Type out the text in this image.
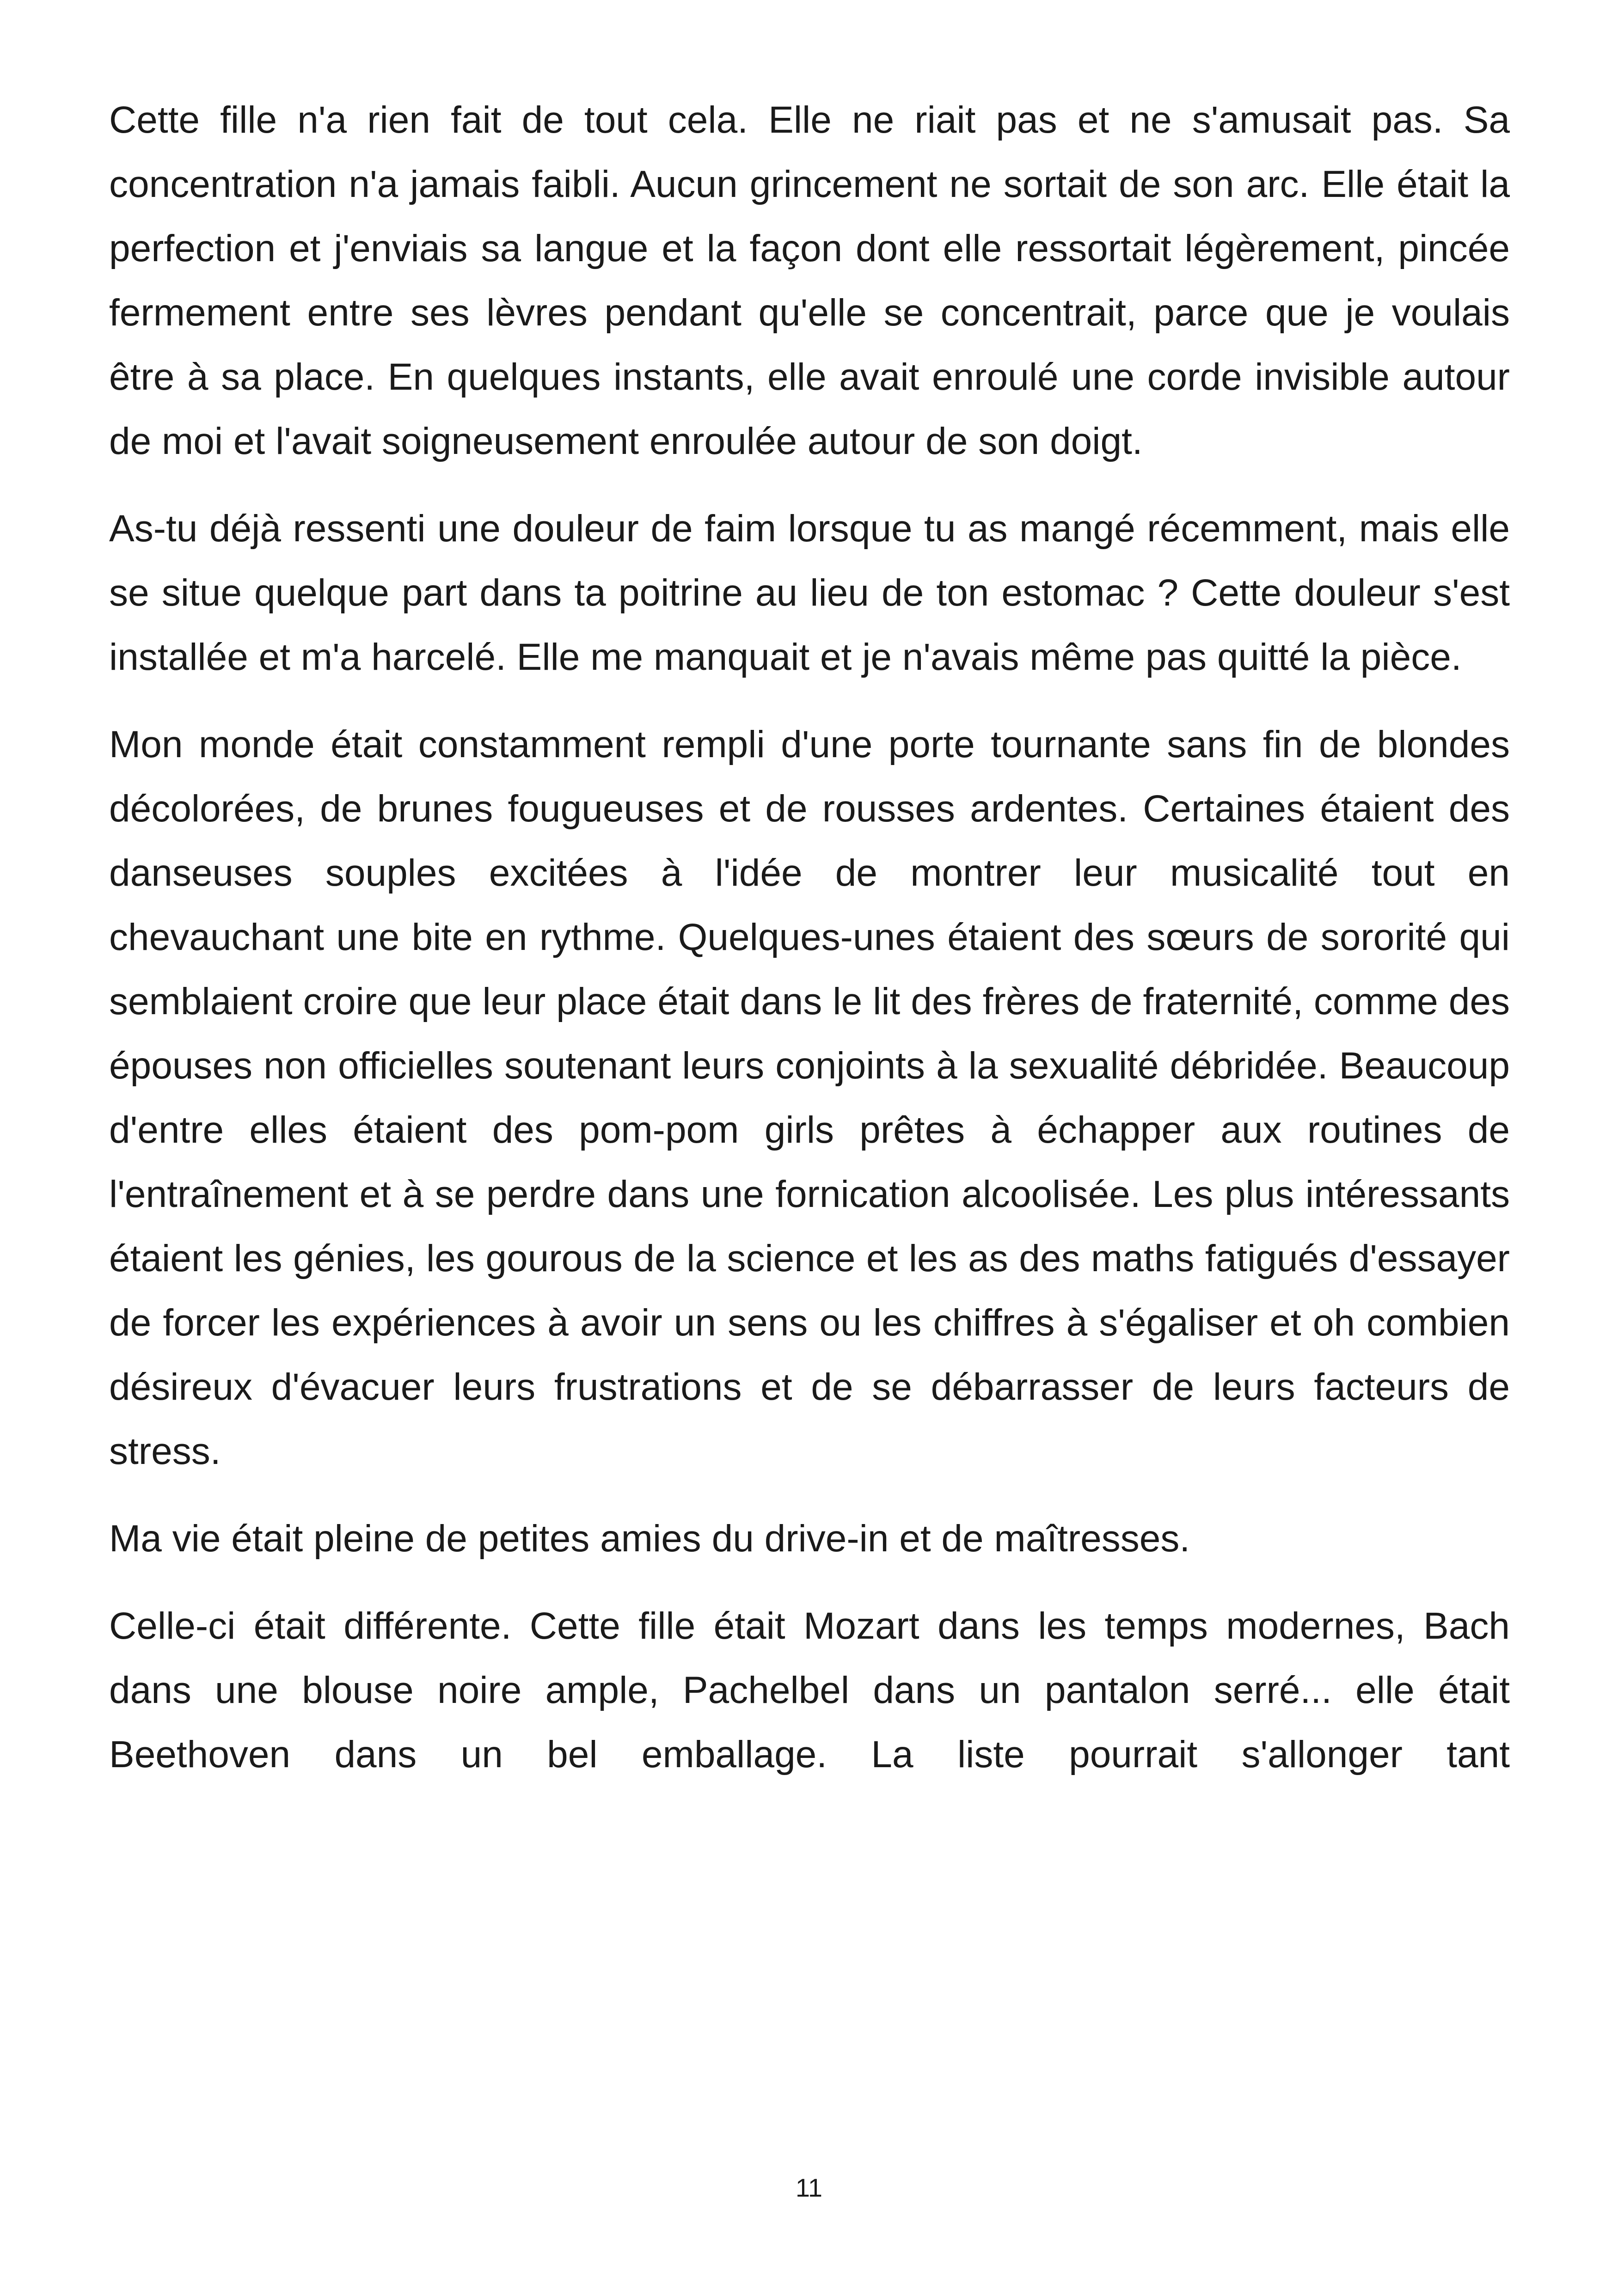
Cette fille n'a rien fait de tout cela. Elle ne riait pas et ne s'amusait pas. Sa concentration n'a jamais faibli. Aucun grincement ne sortait de son arc. Elle était la perfection et j'enviais sa langue et la façon dont elle ressortait légèrement, pincée fermement entre ses lèvres pendant qu'elle se concentrait, parce que je voulais être à sa place. En quelques instants, elle avait enroulé une corde invisible autour de moi et l'avait soigneusement enroulée autour de son doigt.

As-tu déjà ressenti une douleur de faim lorsque tu as mangé récemment, mais elle se situe quelque part dans ta poitrine au lieu de ton estomac ? Cette douleur s'est installée et m'a harcelé. Elle me manquait et je n'avais même pas quitté la pièce.

Mon monde était constamment rempli d'une porte tournante sans fin de blondes décolorées, de brunes fougueuses et de rousses ardentes. Certaines étaient des danseuses souples excitées à l'idée de montrer leur musicalité tout en chevauchant une bite en rythme. Quelques-unes étaient des sœurs de sororité qui semblaient croire que leur place était dans le lit des frères de fraternité, comme des épouses non officielles soutenant leurs conjoints à la sexualité débridée. Beaucoup d'entre elles étaient des pom-pom girls prêtes à échapper aux routines de l'entraînement et à se perdre dans une fornication alcoolisée. Les plus intéressants étaient les génies, les gourous de la science et les as des maths fatigués d'essayer de forcer les expériences à avoir un sens ou les chiffres à s'égaliser et oh combien désireux d'évacuer leurs frustrations et de se débarrasser de leurs facteurs de stress.

Ma vie était pleine de petites amies du drive-in et de maîtresses.

Celle-ci était différente. Cette fille était Mozart dans les temps modernes, Bach dans une blouse noire ample, Pachelbel dans un pantalon serré... elle était Beethoven dans un bel emballage. La liste pourrait s'allonger tant

11
